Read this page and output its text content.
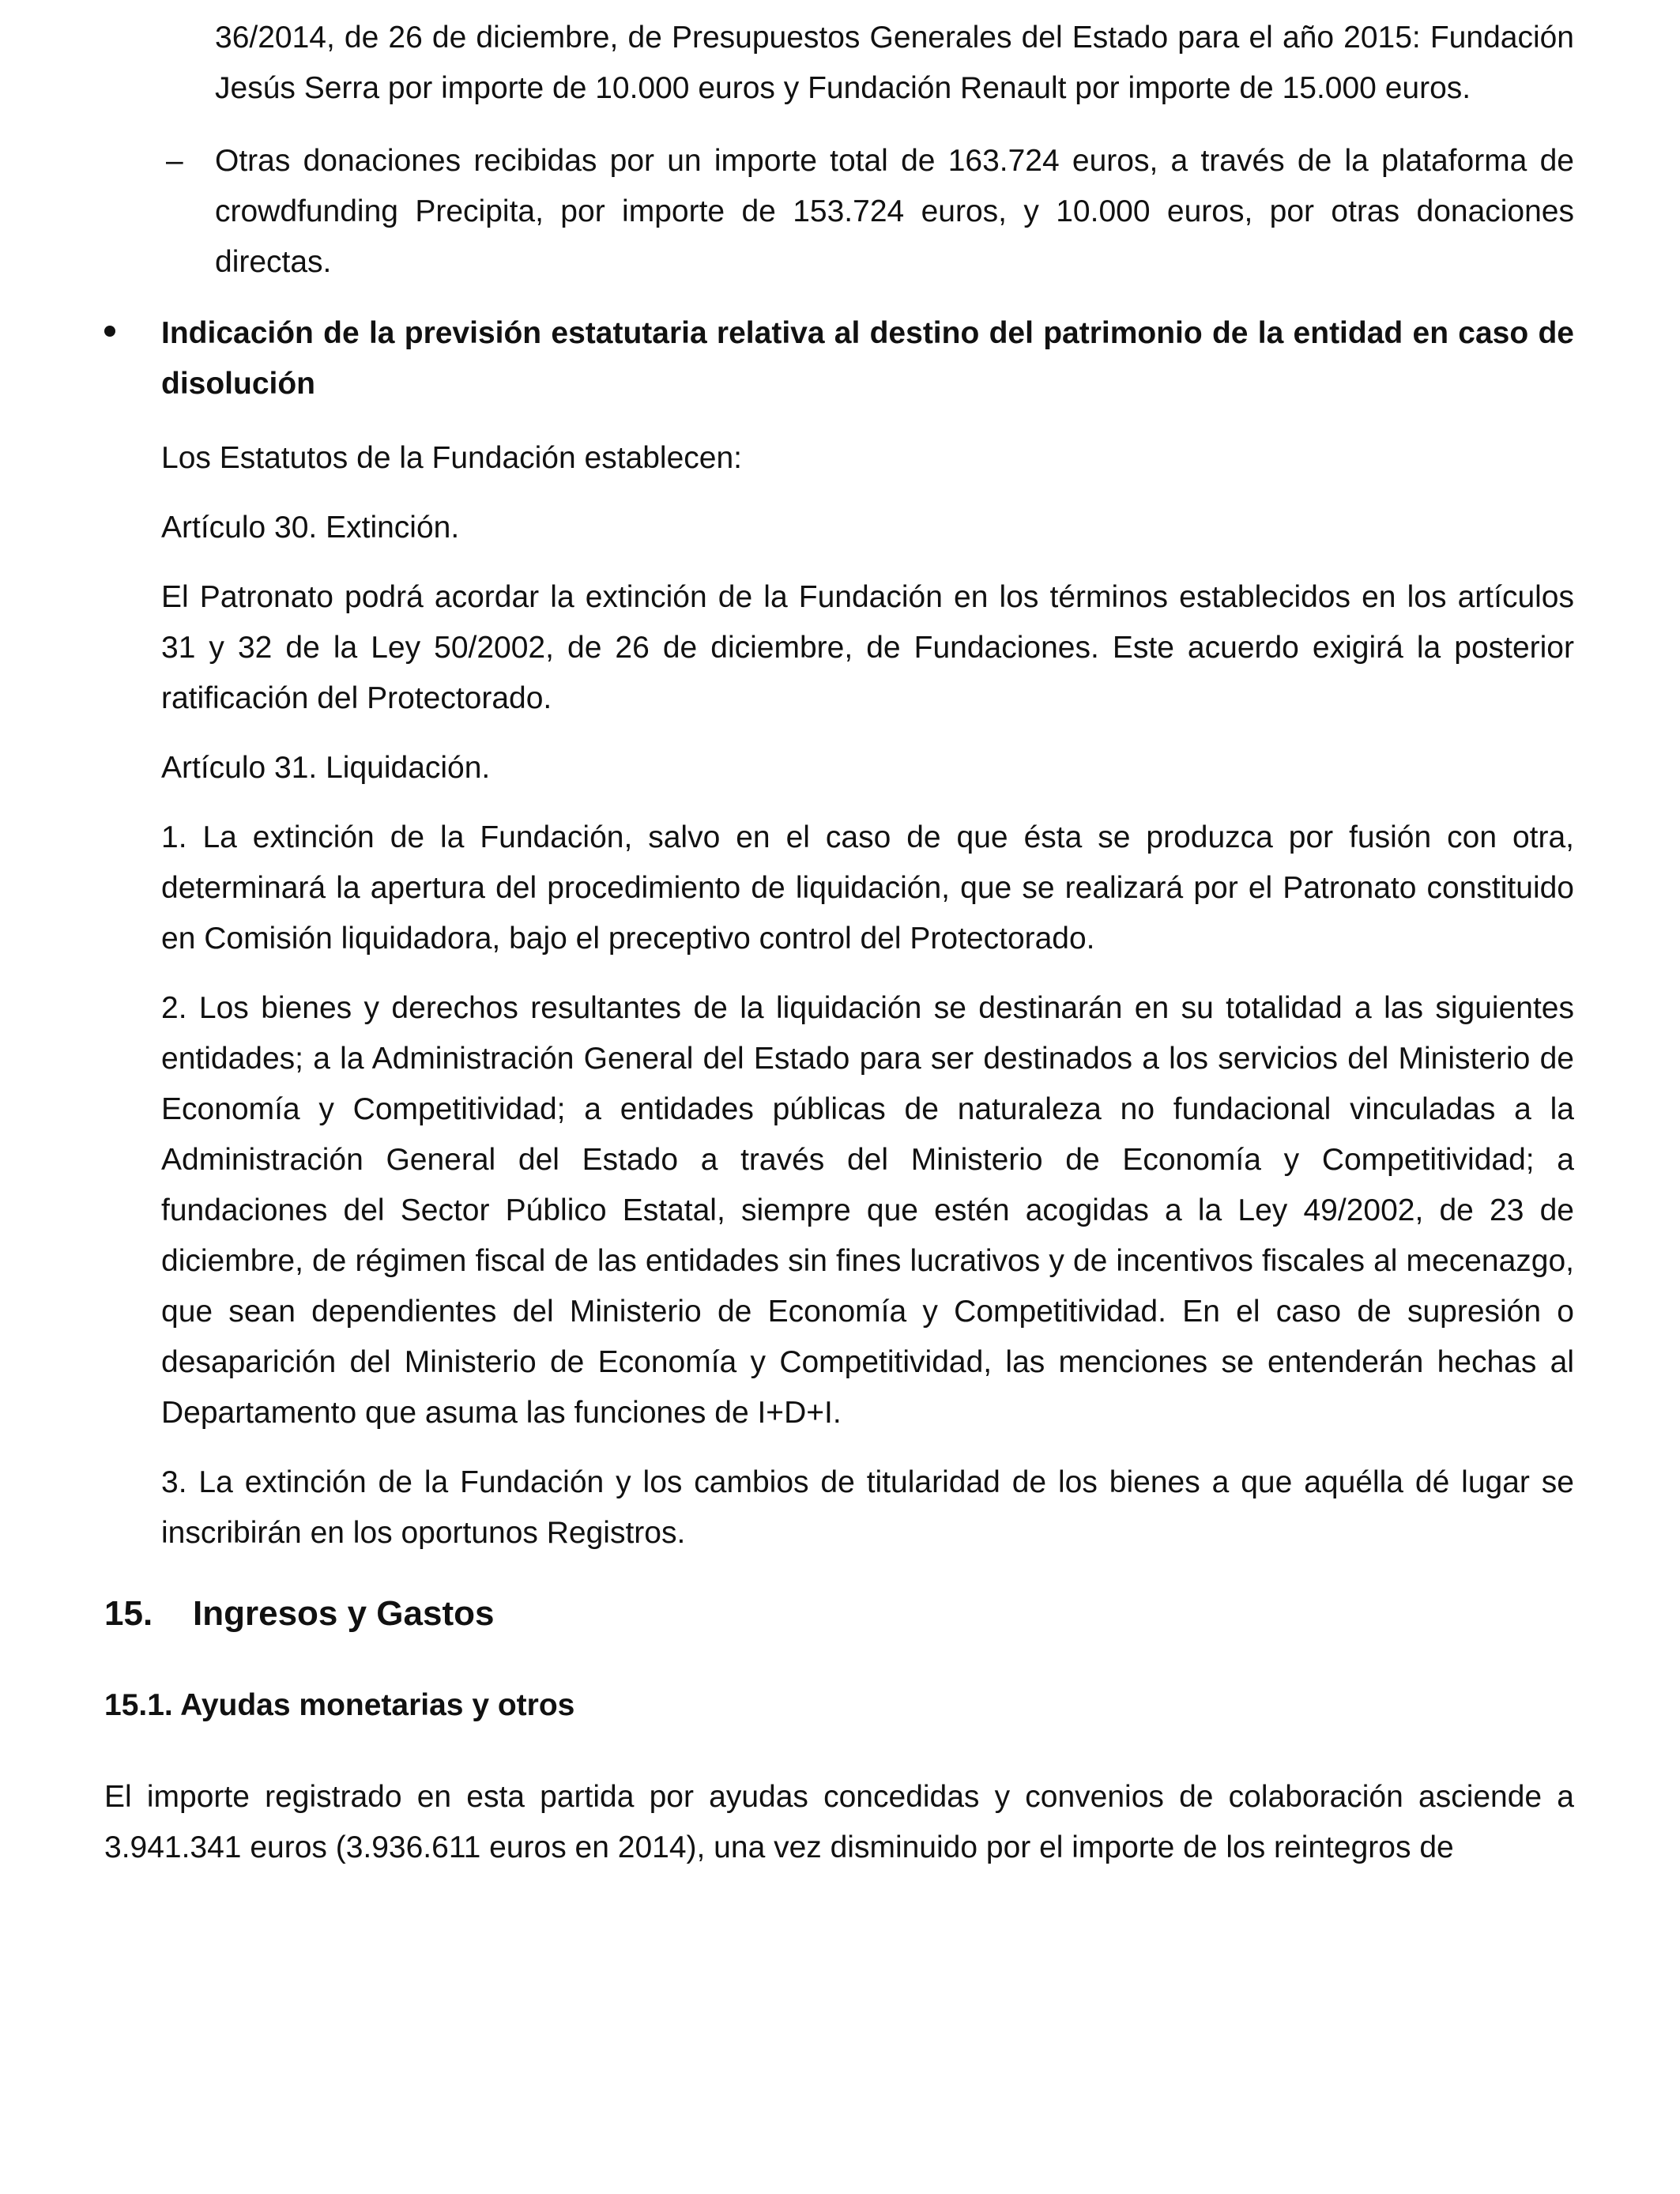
36/2014, de 26 de diciembre, de Presupuestos Generales del Estado para el año 2015: Fundación Jesús Serra por importe de 10.000 euros y Fundación Renault por importe de 15.000 euros.

–	Otras donaciones recibidas por un importe total de 163.724 euros, a través de la plataforma de crowdfunding Precipita, por importe de 153.724 euros, y 10.000 euros, por otras donaciones directas.

Indicación de la previsión estatutaria relativa al destino del patrimonio de la entidad en caso de disolución

Los Estatutos de la Fundación establecen:

Artículo 30. Extinción.

El Patronato podrá acordar la extinción de la Fundación en los términos establecidos en los artículos 31 y 32 de la Ley 50/2002, de 26 de diciembre, de Fundaciones. Este acuerdo exigirá la posterior ratificación del Protectorado.

Artículo 31. Liquidación.

1. La extinción de la Fundación, salvo en el caso de que ésta se produzca por fusión con otra, determinará la apertura del procedimiento de liquidación, que se realizará por el Patronato constituido en Comisión liquidadora, bajo el preceptivo control del Protectorado.

2. Los bienes y derechos resultantes de la liquidación se destinarán en su totalidad a las siguientes entidades; a la Administración General del Estado para ser destinados a los servicios del Ministerio de Economía y Competitividad; a entidades públicas de naturaleza no fundacional vinculadas a la Administración General del Estado a través del Ministerio de Economía y Competitividad; a fundaciones del Sector Público Estatal, siempre que estén acogidas a la Ley 49/2002, de 23 de diciembre, de régimen fiscal de las entidades sin fines lucrativos y de incentivos fiscales al mecenazgo, que sean dependientes del Ministerio de Economía y Competitividad. En el caso de supresión o desaparición del Ministerio de Economía y Competitividad, las menciones se entenderán hechas al Departamento que asuma las funciones de I+D+I.

3. La extinción de la Fundación y los cambios de titularidad de los bienes a que aquélla dé lugar se inscribirán en los oportunos Registros.

15. Ingresos y Gastos
15.1. Ayudas monetarias y otros

El importe registrado en esta partida por ayudas concedidas y convenios de colaboración asciende a 3.941.341 euros (3.936.611 euros en 2014), una vez disminuido por el importe de los reintegros de
